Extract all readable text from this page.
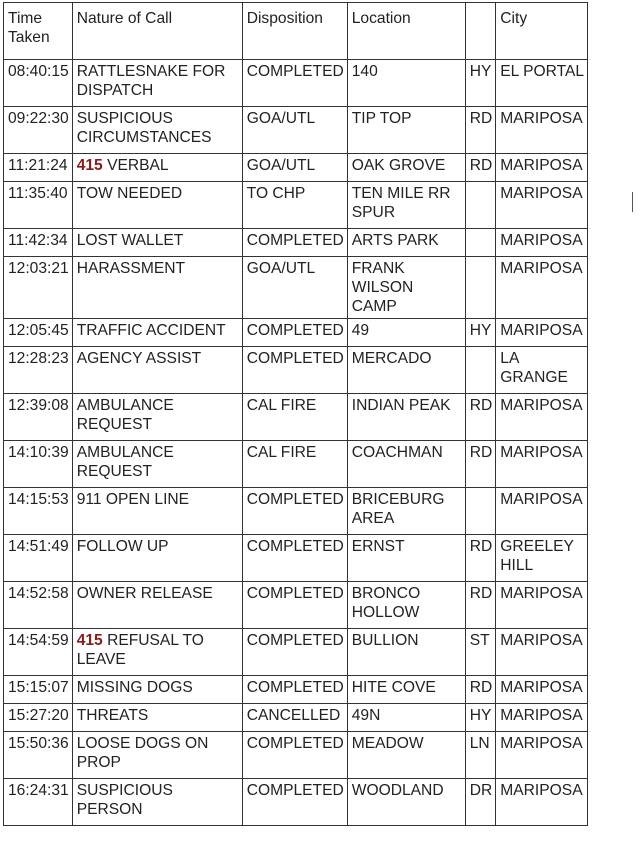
Time Taken	Nature of Call	Disposition	Location		City
08:40:15	RATTLESNAKE FOR DISPATCH	COMPLETED	140	HY	EL PORTAL
09:22:30	SUSPICIOUS CIRCUMSTANCES	GOA/UTL	TIP TOP	RD	MARIPOSA
11:21:24	415 VERBAL	GOA/UTL	OAK GROVE	RD	MARIPOSA
11:35:40	TOW NEEDED	TO CHP	TEN MILE RR SPUR		MARIPOSA
11:42:34	LOST WALLET	COMPLETED	ARTS PARK		MARIPOSA
12:03:21	HARASSMENT	GOA/UTL	FRANK WILSON CAMP		MARIPOSA
12:05:45	TRAFFIC ACCIDENT	COMPLETED	49	HY	MARIPOSA
12:28:23	AGENCY ASSIST	COMPLETED	MERCADO		LA GRANGE
12:39:08	AMBULANCE REQUEST	CAL FIRE	INDIAN PEAK	RD	MARIPOSA
14:10:39	AMBULANCE REQUEST	CAL FIRE	COACHMAN	RD	MARIPOSA
14:15:53	911 OPEN LINE	COMPLETED	BRICEBURG AREA		MARIPOSA
14:51:49	FOLLOW UP	COMPLETED	ERNST	RD	GREELEY HILL
14:52:58	OWNER RELEASE	COMPLETED	BRONCO HOLLOW	RD	MARIPOSA
14:54:59	415 REFUSAL TO LEAVE	COMPLETED	BULLION	ST	MARIPOSA
15:15:07	MISSING DOGS	COMPLETED	HITE COVE	RD	MARIPOSA
15:27:20	THREATS	CANCELLED	49N	HY	MARIPOSA
15:50:36	LOOSE DOGS ON PROP	COMPLETED	MEADOW	LN	MARIPOSA
16:24:31	SUSPICIOUS PERSON	COMPLETED	WOODLAND	DR	MARIPOSA
